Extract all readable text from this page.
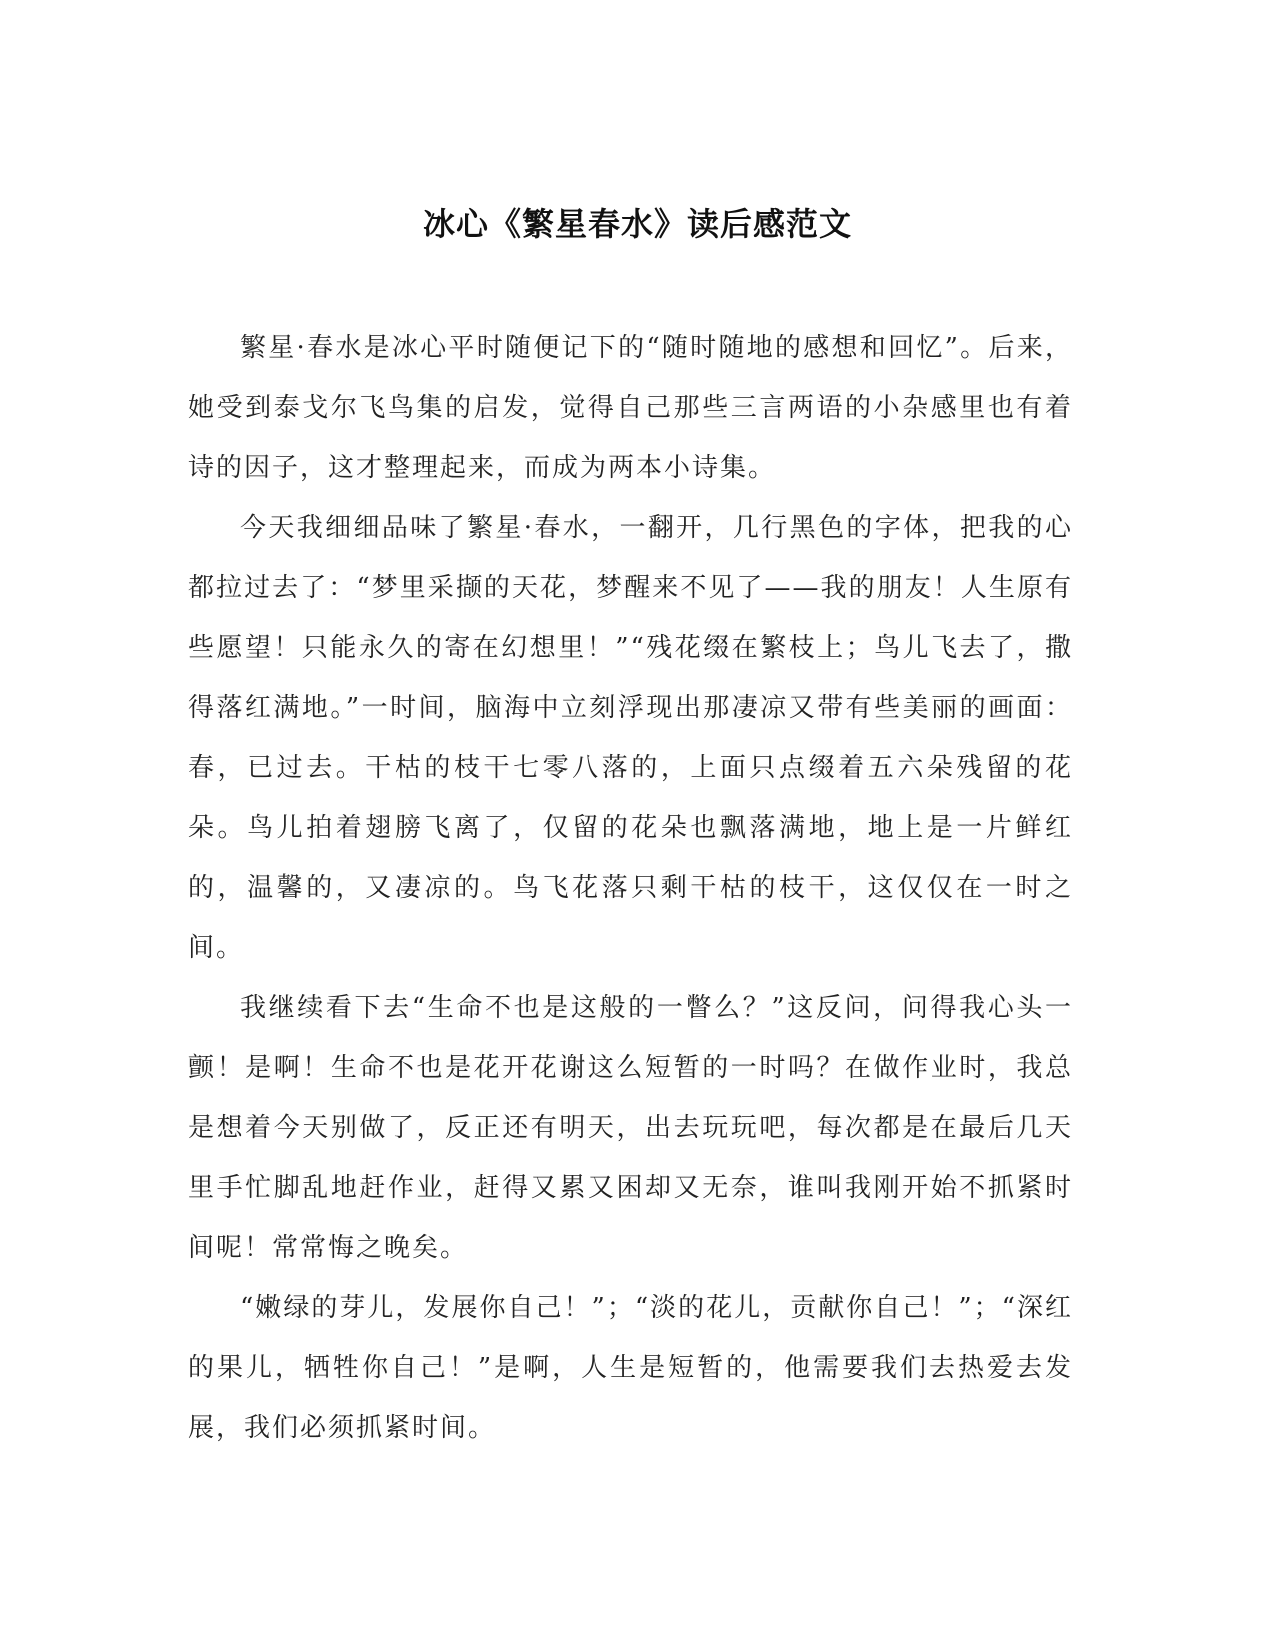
冰心《繁星春水》读后感范文

繁星·春水是冰心平时随便记下的“随时随地的感想和回忆”。后来，她受到泰戈尔飞鸟集的启发，觉得自己那些三言两语的小杂感里也有着诗的因子，这才整理起来，而成为两本小诗集。

今天我细细品味了繁星·春水，一翻开，几行黑色的字体，把我的心都拉过去了：“梦里采撷的天花，梦醒来不见了——我的朋友！人生原有些愿望！只能永久的寄在幻想里！”“残花缀在繁枝上；鸟儿飞去了，撒得落红满地。”一时间，脑海中立刻浮现出那凄凉又带有些美丽的画面：春，已过去。干枯的枝干七零八落的，上面只点缀着五六朵残留的花朵。鸟儿拍着翅膀飞离了，仅留的花朵也飘落满地，地上是一片鲜红的，温馨的，又凄凉的。鸟飞花落只剩干枯的枝干，这仅仅在一时之间。

我继续看下去“生命不也是这般的一瞥么？”这反问，问得我心头一颤！是啊！生命不也是花开花谢这么短暂的一时吗？在做作业时，我总是想着今天别做了，反正还有明天，出去玩玩吧，每次都是在最后几天里手忙脚乱地赶作业，赶得又累又困却又无奈，谁叫我刚开始不抓紧时间呢！常常悔之晚矣。

“嫩绿的芽儿，发展你自己！”；“淡的花儿，贡献你自己！”；“深红的果儿，牺牲你自己！”是啊，人生是短暂的，他需要我们去热爱去发展，我们必须抓紧时间。
